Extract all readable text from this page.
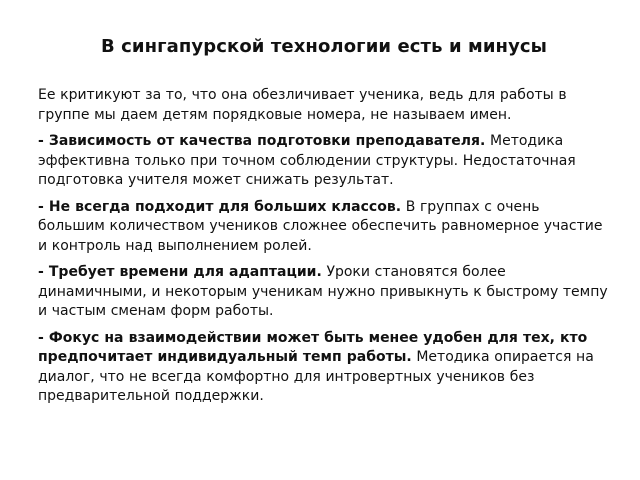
В сингапурской технологии есть и минусы

Ее критикуют за то, что она обезличивает ученика, ведь для работы в группе мы даем детям порядковые номера, не называем имен.

- Зависимость от качества подготовки преподавателя. Методика эффективна только при точном соблюдении структуры. Недостаточная подготовка учителя может снижать результат.

- Не всегда подходит для больших классов. В группах с очень большим количеством учеников сложнее обеспечить равномерное участие и контроль над выполнением ролей.

- Требует времени для адаптации. Уроки становятся более динамичными, и некоторым ученикам нужно привыкнуть к быстрому темпу и частым сменам форм работы.

- Фокус на взаимодействии может быть менее удобен для тех, кто предпочитает индивидуальный темп работы. Методика опирается на диалог, что не всегда комфортно для интровертных учеников без предварительной поддержки.
